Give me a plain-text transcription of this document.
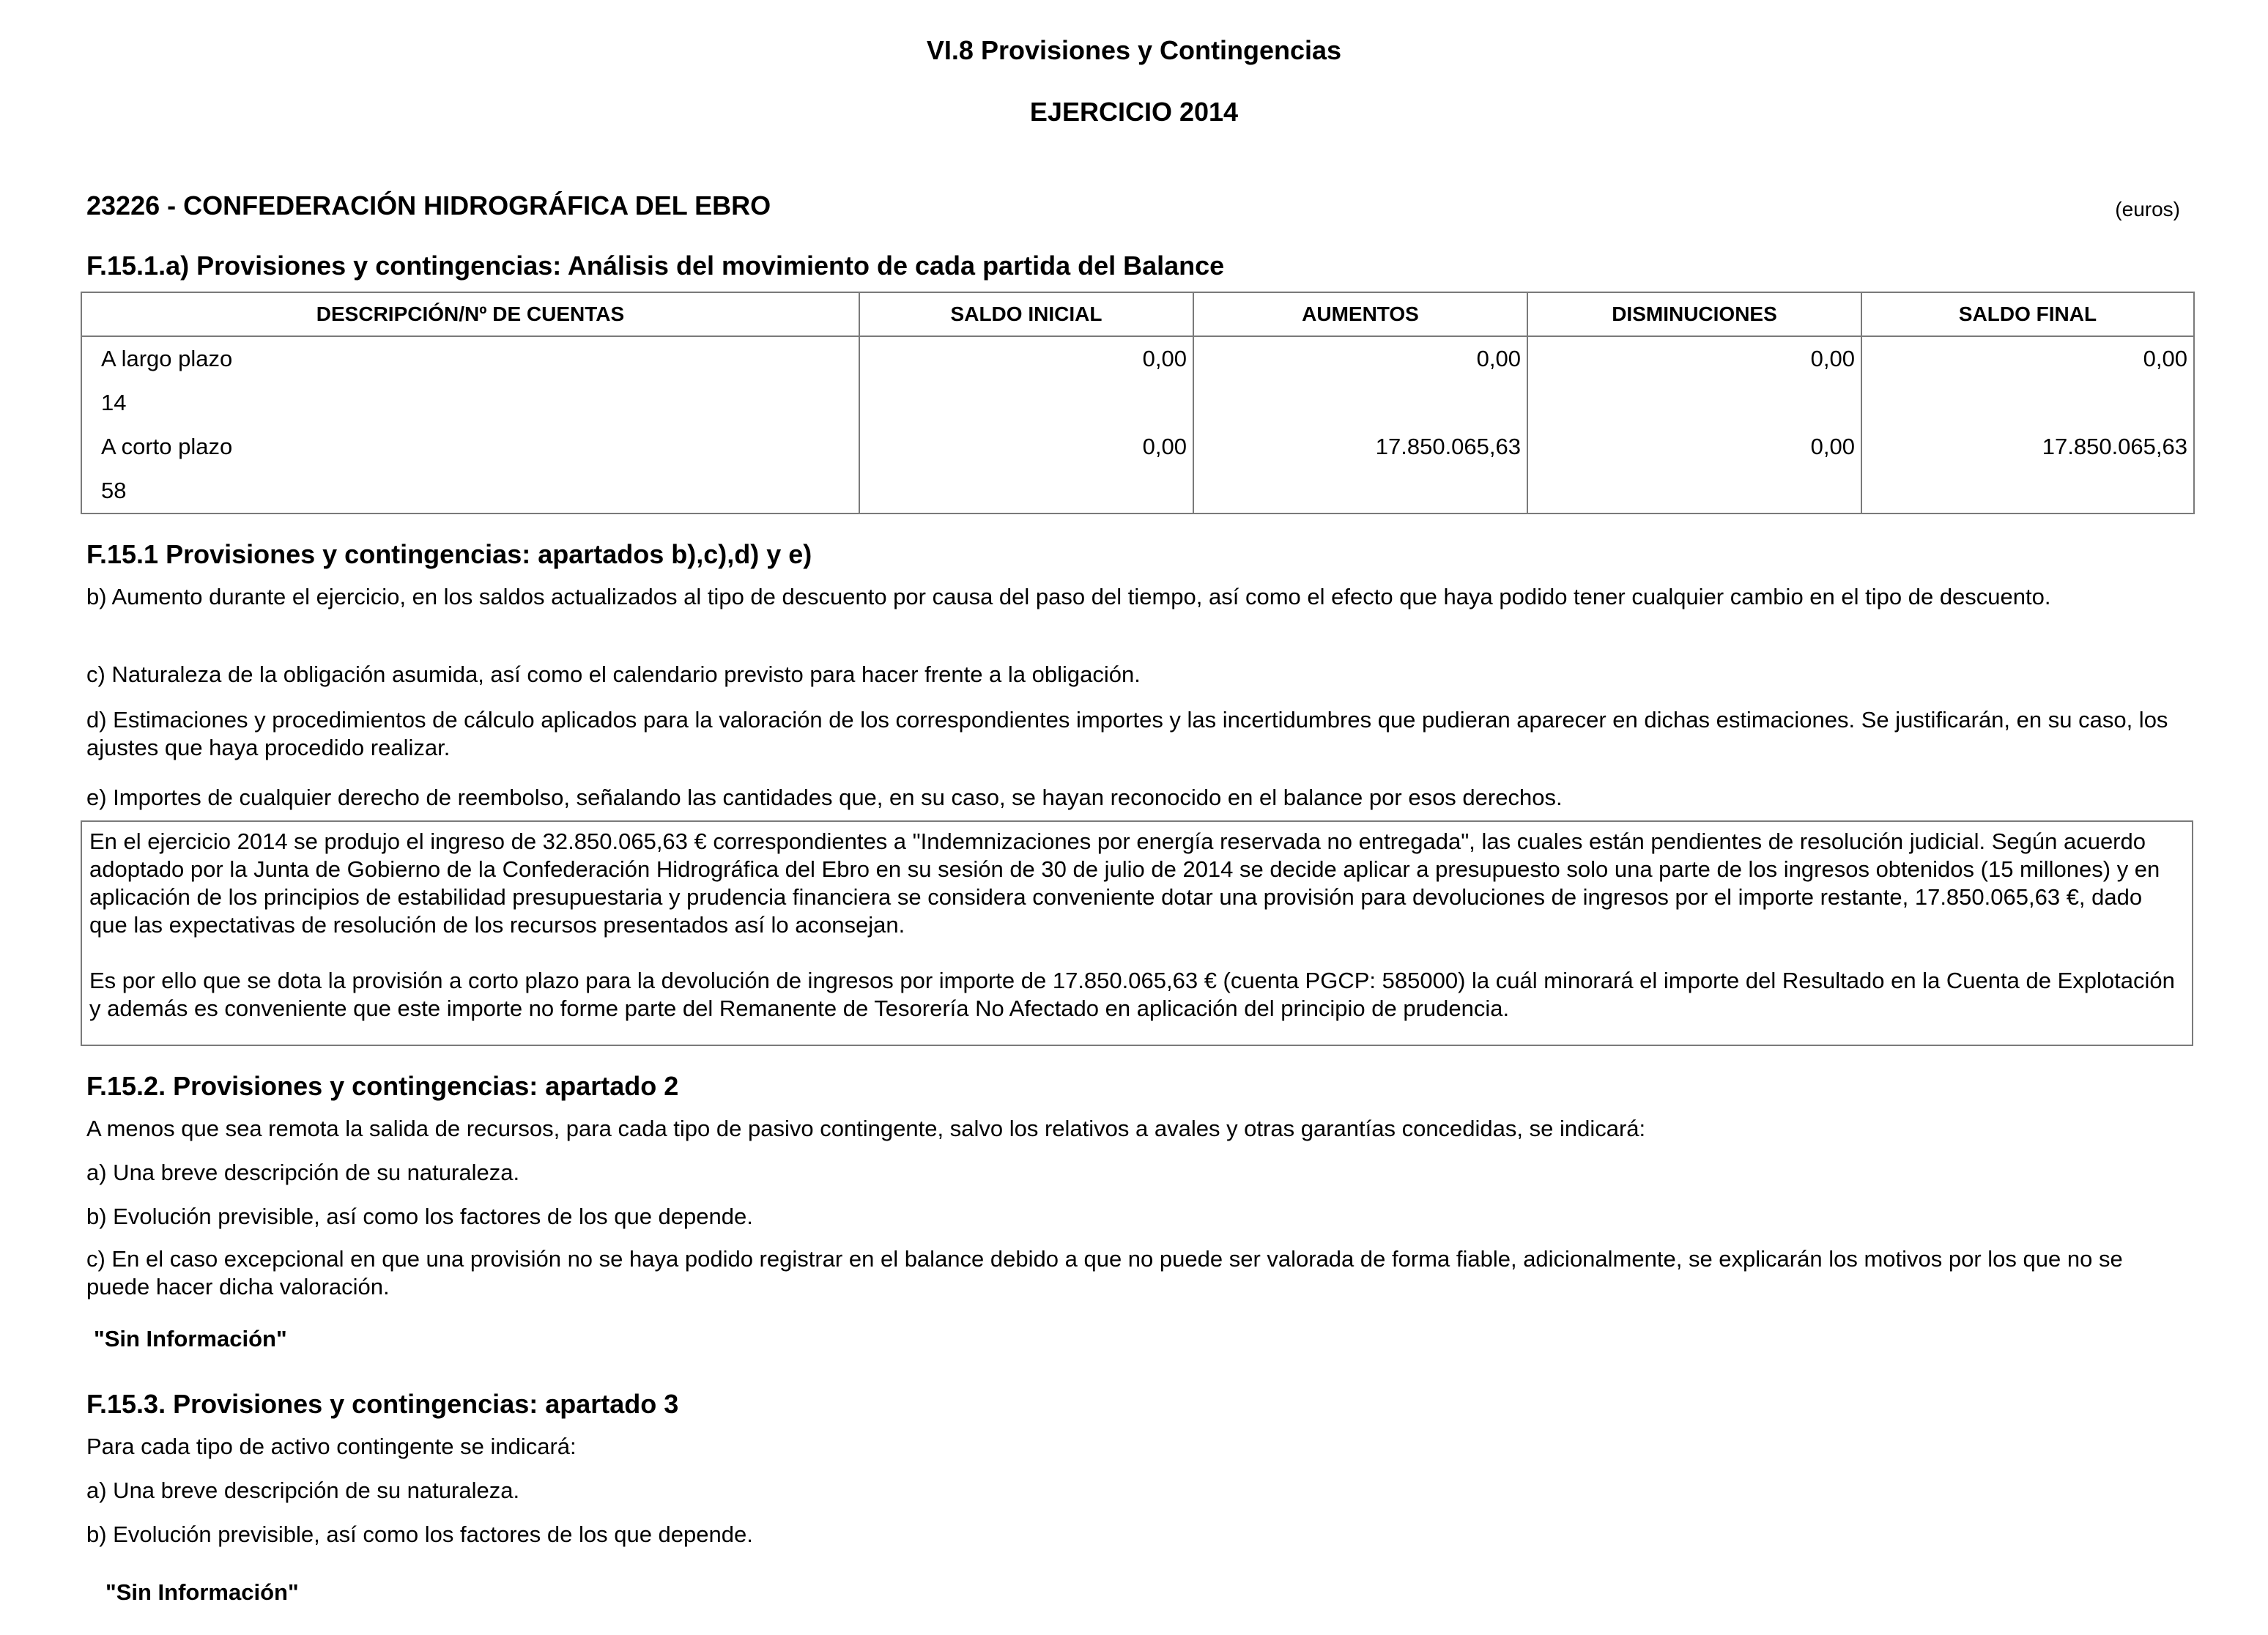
VI.8 Provisiones y Contingencias
EJERCICIO 2014
23226 - CONFEDERACIÓN HIDROGRÁFICA DEL EBRO	(euros)
F.15.1.a) Provisiones y contingencias: Análisis del movimiento de cada partida del Balance
DESCRIPCIÓN/Nº DE CUENTAS	SALDO INICIAL	AUMENTOS	DISMINUCIONES	SALDO FINAL
A largo plazo	0,00	0,00	0,00	0,00
14				
A corto plazo	0,00	17.850.065,63	0,00	17.850.065,63
58				
F.15.1 Provisiones y contingencias: apartados b),c),d) y e)
b) Aumento durante el ejercicio, en los saldos actualizados al tipo de descuento por causa del paso del tiempo, así como el efecto que haya podido tener cualquier cambio en el tipo de descuento.
c) Naturaleza de la obligación asumida, así como el calendario previsto para hacer frente a la obligación.
d) Estimaciones y procedimientos de cálculo aplicados para la valoración de los correspondientes importes y las incertidumbres que pudieran aparecer en dichas estimaciones. Se justificarán, en su caso, los ajustes que haya procedido realizar.
e) Importes de cualquier derecho de reembolso, señalando las cantidades que, en su caso, se hayan reconocido en el balance por esos derechos.

En el ejercicio 2014 se produjo el ingreso de 32.850.065,63 € correspondientes a "Indemnizaciones por energía reservada no entregada", las cuales están pendientes de resolución judicial. Según acuerdo adoptado por la Junta de Gobierno de la Confederación Hidrográfica del Ebro en su sesión de 30 de julio de 2014 se decide aplicar a presupuesto solo una parte de los ingresos obtenidos (15 millones) y en aplicación de los principios de estabilidad presupuestaria y prudencia financiera se considera conveniente dotar una provisión para devoluciones de ingresos por el importe restante, 17.850.065,63 €, dado que las expectativas de resolución de los recursos presentados así lo aconsejan.

Es por ello que se dota la provisión a corto plazo para la devolución de ingresos por importe de 17.850.065,63 € (cuenta PGCP: 585000) la cuál minorará el importe del Resultado en la Cuenta de Explotación y además es conveniente que este importe no forme parte del Remanente de Tesorería No Afectado en aplicación del principio de prudencia.

F.15.2. Provisiones y contingencias: apartado 2
A menos que sea remota la salida de recursos, para cada tipo de pasivo contingente, salvo los relativos a avales y otras garantías concedidas, se indicará:
a) Una breve descripción de su naturaleza.
b) Evolución previsible, así como los factores de los que depende.
c) En el caso excepcional en que una provisión no se haya podido registrar en el balance debido a que no puede ser valorada de forma fiable, adicionalmente, se explicarán los motivos por los que no se puede hacer dicha valoración.
"Sin Información"
F.15.3. Provisiones y contingencias: apartado 3
Para cada tipo de activo contingente se indicará:
a) Una breve descripción de su naturaleza.
b) Evolución previsible, así como los factores de los que depende.
"Sin Información"
